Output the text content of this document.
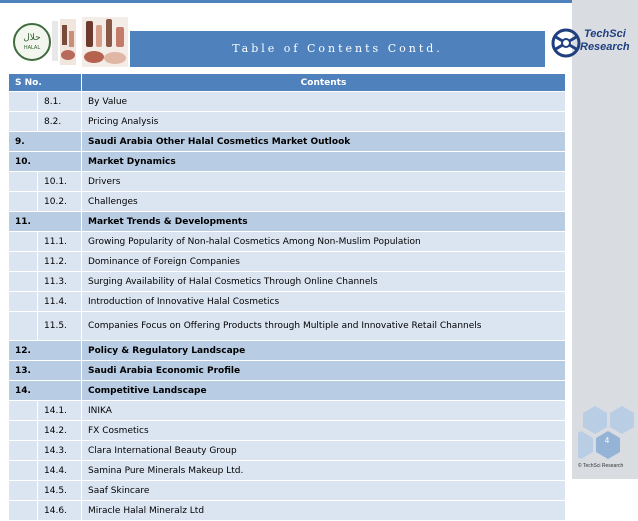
حلال
HALAL	Table of Contents Contd.
TechSci
Research
S No.		Contents
	8.1.	By Value
	8.2.	Pricing Analysis
9.		Saudi Arabia Other Halal Cosmetics Market Outlook
10.		Market Dynamics
	10.1.	Drivers
	10.2.	Challenges
11.		Market Trends & Developments
	11.1.	Growing Popularity of Non-halal Cosmetics Among Non-Muslim Population
	11.2.	Dominance of Foreign Companies
	11.3.	Surging Availability of Halal Cosmetics Through Online Channels
	11.4.	Introduction of Innovative Halal Cosmetics
	11.5.	Companies Focus on Offering Products through Multiple and Innovative Retail Channels
12.		Policy & Regulatory Landscape
13.		Saudi Arabia Economic Profile
14.		Competitive Landscape
	14.1.	INIKA
	14.2.	FX Cosmetics
	14.3.	Clara International Beauty Group
	14.4.	Samina Pure Minerals Makeup Ltd.
	14.5.	Saaf Skincare
	14.6.	Miracle Halal Mineralz Ltd
4
© TechSci Research
